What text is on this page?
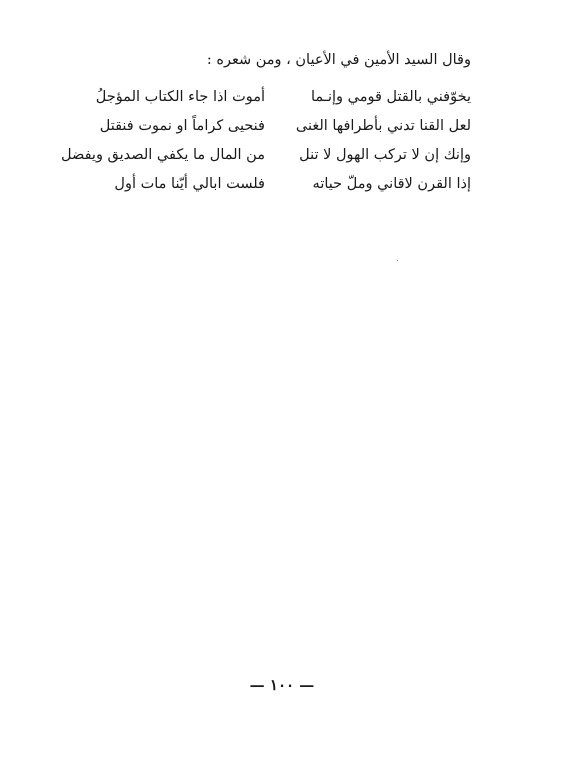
وقال السيد الأمين في الأعيان ، ومن شعره :
يخوّفني بالقتل قومي وإنـما
أموت اذا جاء الكتاب المؤجلُ
لعل القنا تدني بأطرافها الغنى
فنحيى كراماً او نموت فنقتل
وإنك إن لا تركب الهول لا تنل
من المال ما يكفي الصديق ويفضل
إذا القرن لاقاني وملّ حياته
فلست ابالي أيّنا مات أول
— ١٠٠ —
